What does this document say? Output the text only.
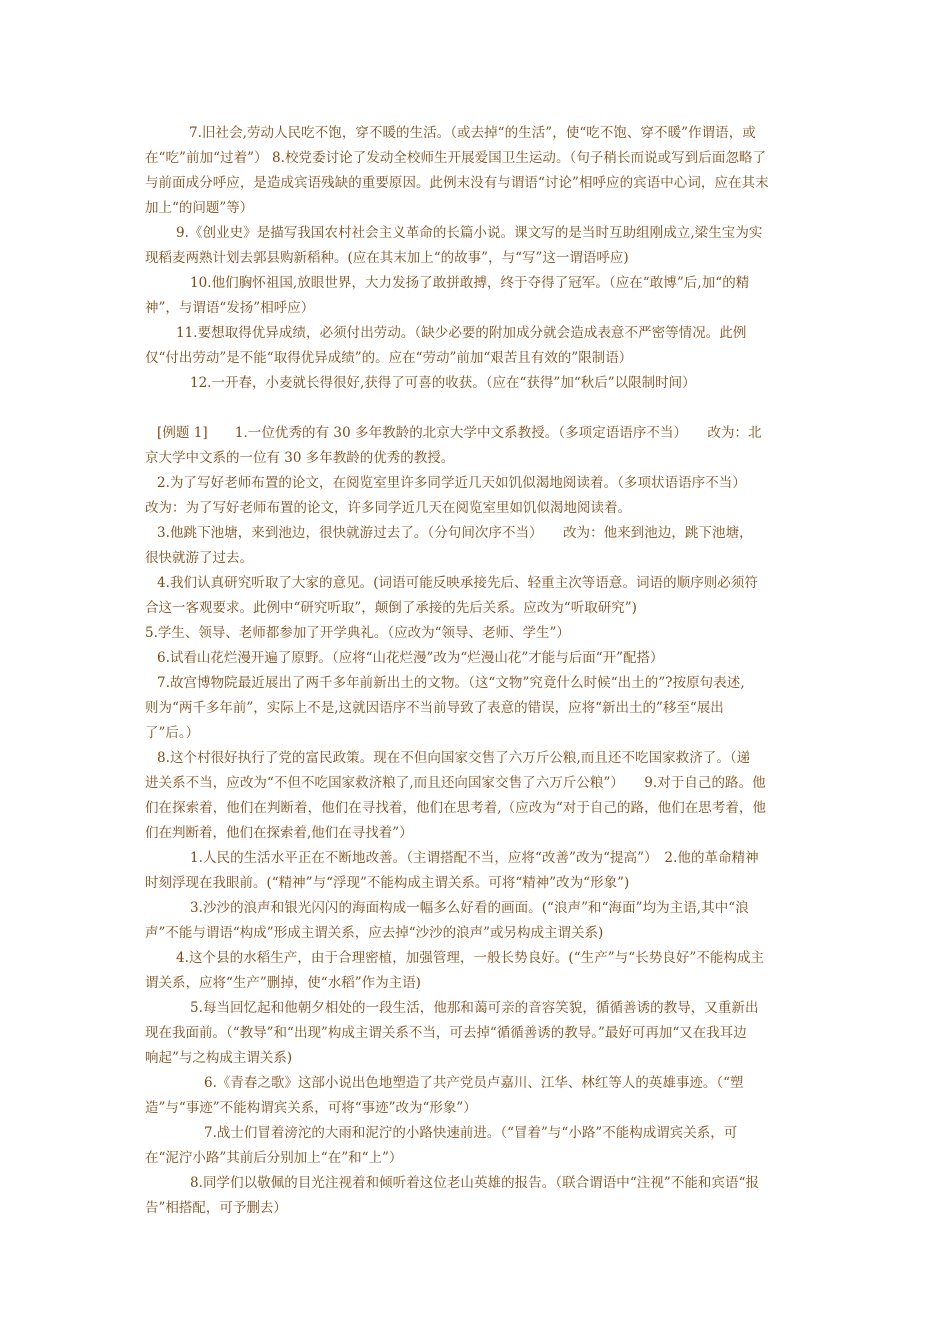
7.旧社会,劳动人民吃不饱，穿不暖的生活。（或去掉“的生活”，使“吃不饱、穿不暖”作谓语，或
在“吃”前加“过着”） 8.校党委讨论了发动全校师生开展爱国卫生运动。（句子稍长而说或写到后面忽略了
与前面成分呼应，是造成宾语残缺的重要原因。此例末没有与谓语“讨论”相呼应的宾语中心词，应在其末
加上“的问题”等）
9.《创业史》是描写我国农村社会主义革命的长篇小说。课文写的是当时互助组刚成立,梁生宝为实
现稻麦两熟计划去郭县购新稻种。(应在其末加上“的故事”，与“写”这一谓语呼应)
10.他们胸怀祖国,放眼世界，大力发扬了敢拼敢搏，终于夺得了冠军。（应在“敢博”后,加“的精
神”，与谓语“发扬”相呼应）
11.要想取得优异成绩，必须付出劳动。（缺少必要的附加成分就会造成表意不严密等情况。此例
仅“付出劳动”是不能“取得优异成绩”的。应在“劳动”前加“艰苦且有效的”限制语）
12.一开春，小麦就长得很好,获得了可喜的收获。（应在“获得”加“秋后”以限制时间）
[例题 1]　　1.一位优秀的有 30 多年教龄的北京大学中文系教授。（多项定语语序不当）　　改为：北
京大学中文系的一位有 30 多年教龄的优秀的教授。
2.为了写好老师布置的论文，在阅览室里许多同学近几天如饥似渴地阅读着。（多项状语语序不当）
改为：为了写好老师布置的论文，许多同学近几天在阅览室里如饥似渴地阅读着。
3.他跳下池塘，来到池边，很快就游过去了。（分句间次序不当）　　改为：他来到池边，跳下池塘，
很快就游了过去。
4.我们认真研究听取了大家的意见。(词语可能反映承接先后、轻重主次等语意。词语的顺序则必须符
合这一客观要求。此例中“研究听取”，颠倒了承接的先后关系。应改为“听取研究”)
5.学生、领导、老师都参加了开学典礼。（应改为“领导、老师、学生”）
6.试看山花烂漫开遍了原野。（应将“山花烂漫”改为“烂漫山花”才能与后面“开”配搭）
7.故宫博物院最近展出了两千多年前新出土的文物。（这“文物”究竟什么时候“出土的”?按原句表述,
则为“两千多年前”，实际上不是,这就因语序不当前导致了表意的错误，应将“新出土的”移至“展出
了”后。）
8.这个村很好执行了党的富民政策。现在不但向国家交售了六万斤公粮,而且还不吃国家救济了。（递
进关系不当，应改为“不但不吃国家救济粮了,而且还向国家交售了六万斤公粮”）　　9.对于自己的路。他
们在探索着，他们在判断着，他们在寻找着，他们在思考着,（应改为“对于自己的路，他们在思考着，他
们在判断着，他们在探索着,他们在寻找着”）
1.人民的生活水平正在不断地改善。（主谓搭配不当，应将“改善”改为“提高”）　2.他的革命精神
时刻浮现在我眼前。(“精神”与“浮现”不能构成主谓关系。可将“精神”改为“形象”)
3.沙沙的浪声和银光闪闪的海面构成一幅多么好看的画面。(“浪声”和“海面”均为主语,其中“浪
声”不能与谓语“构成”形成主谓关系，应去掉“沙沙的浪声”或另构成主谓关系)
4.这个县的水稻生产，由于合理密植，加强管理，一般长势良好。(“生产”与“长势良好”不能构成主
谓关系，应将“生产”删掉，使“水稻”作为主语)
5.每当回忆起和他朝夕相处的一段生活，他那和蔼可亲的音容笑貌，循循善诱的教导，又重新出
现在我面前。（“教导”和“出现”构成主谓关系不当，可去掉“循循善诱的教导。”最好可再加“又在我耳边
响起”与之构成主谓关系)
6.《青春之歌》这部小说出色地塑造了共产党员卢嘉川、江华、林红等人的英雄事迹。（“塑
造”与“事迹”不能构谓宾关系，可将“事迹”改为“形象”）
7.战士们冒着滂沱的大雨和泥泞的小路快速前进。（“冒着”与“小路”不能构成谓宾关系，可
在“泥泞小路”其前后分别加上“在”和“上”）
8.同学们以敬佩的目光注视着和倾听着这位老山英雄的报告。（联合谓语中“注视”不能和宾语“报
告”相搭配，可予删去）
